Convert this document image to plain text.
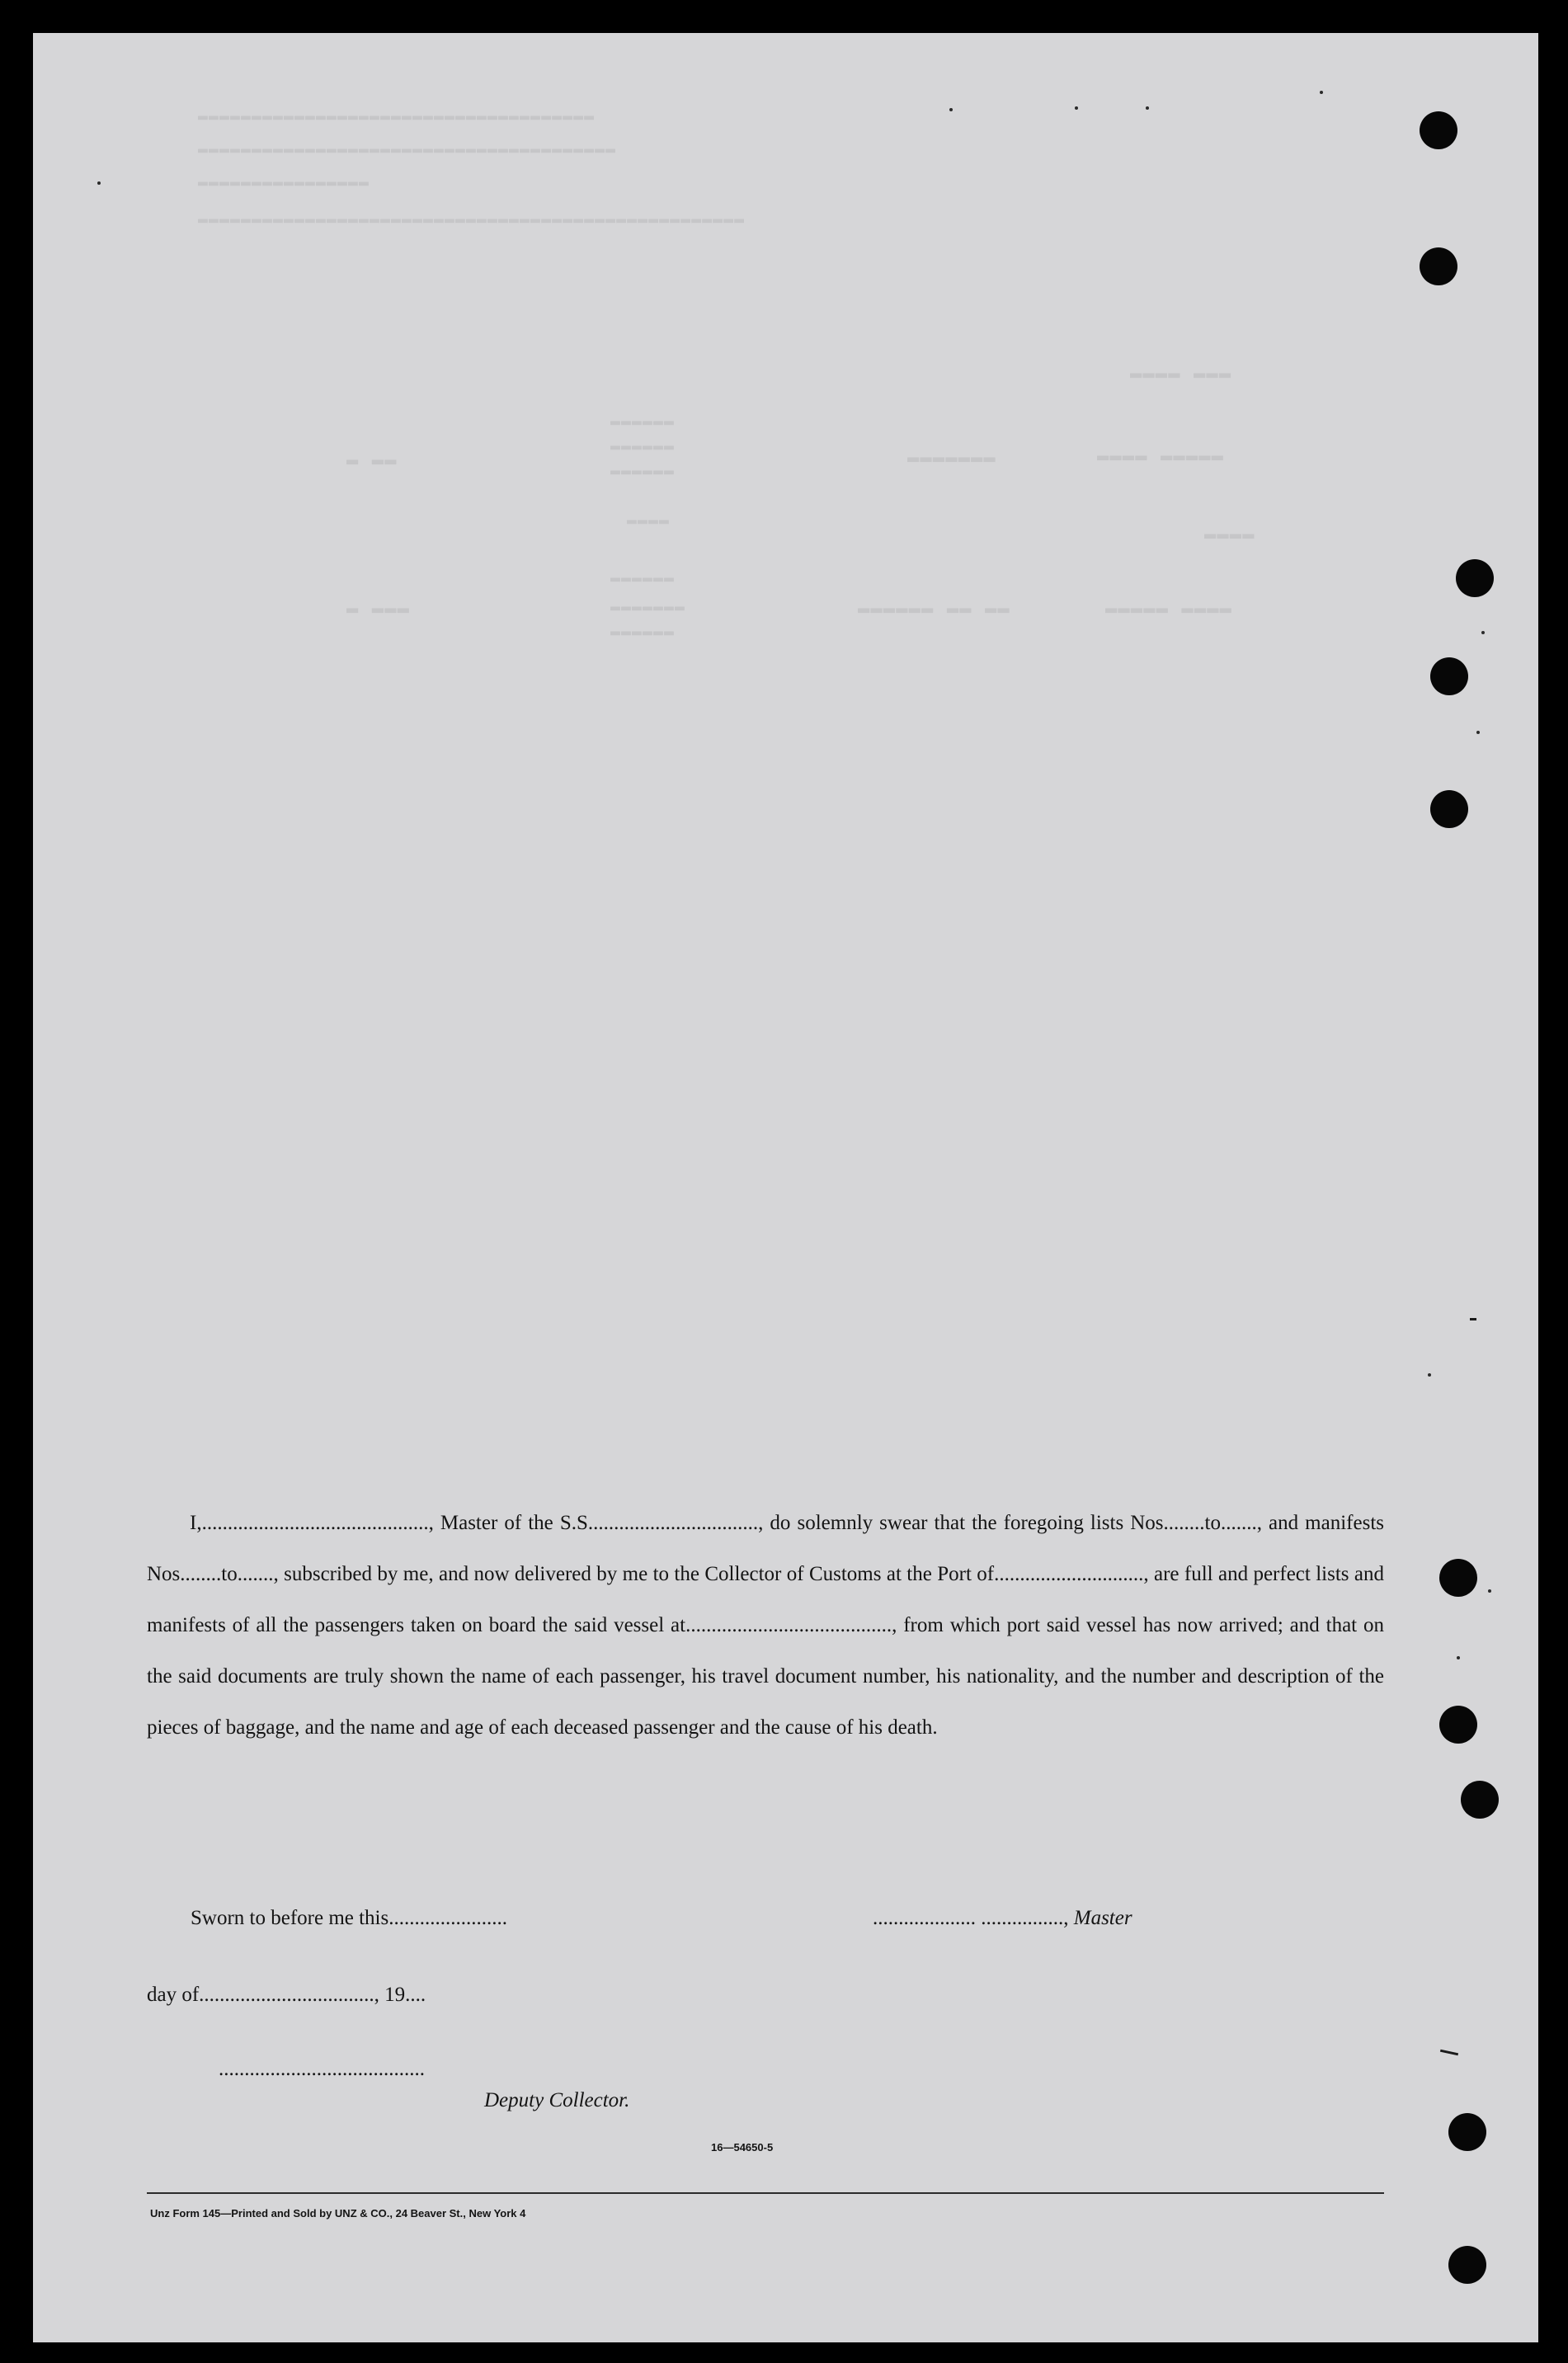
▬▬▬▬ ▬▬▬
▬▬▬▬ ▬▬▬▬▬
▬▬▬▬▬▬▬
▬▬▬▬▬▬
▬▬▬▬▬▬
▬▬▬▬▬▬
▬ ▬▬
▬▬▬▬
▬▬▬▬
▬▬▬▬▬ ▬▬▬▬
▬▬▬▬▬▬ ▬▬ ▬▬
▬▬▬▬▬▬
▬▬▬▬▬▬▬
▬▬▬▬▬▬
▬ ▬▬▬
▬▬▬▬▬▬▬▬▬▬▬▬▬▬▬▬▬▬▬▬▬▬▬▬▬▬▬▬▬▬▬▬▬▬▬▬▬
▬▬▬▬▬▬▬▬▬▬▬▬▬▬▬▬▬▬▬▬▬▬▬▬▬▬▬▬▬▬▬▬▬▬▬▬▬▬▬
▬▬▬▬▬▬▬▬▬▬▬▬▬▬▬▬
▬▬▬▬▬▬▬▬▬▬▬▬▬▬▬▬▬▬▬▬▬▬▬▬▬▬▬▬▬▬▬▬▬▬▬▬▬▬▬▬▬▬▬▬▬▬▬▬▬▬▬

I,............................................, Master of the S.S................................., do solemnly swear that the foregoing lists Nos........to......., and manifests Nos........to......., subscribed by me, and now delivered by me to the Collector of Customs at the Port of............................., are full and perfect lists and manifests of all the passengers taken on board the said vessel at........................................, from which port said vessel has now arrived; and that on the said documents are truly shown the name of each passenger, his travel document number, his nationality, and the number and description of the pieces of baggage, and the name and age of each deceased passenger and the cause of his death.

Sworn to before me this.......................	.................... ................, Master
day of.................................., 19....
........................................
Deputy Collector.
16—54650-5
Unz Form 145—Printed and Sold by UNZ & CO., 24 Beaver St., New York 4
